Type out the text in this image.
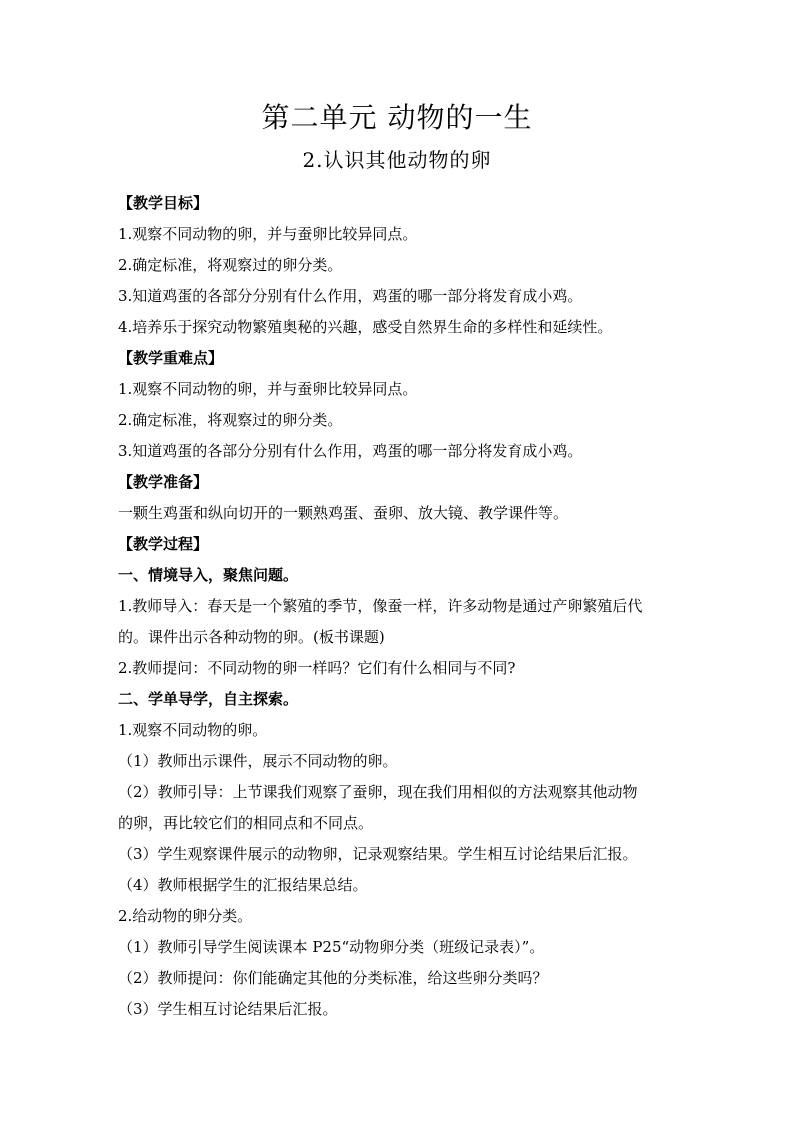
第二单元 动物的一生
2.认识其他动物的卵
【教学目标】
1.观察不同动物的卵，并与蚕卵比较异同点。
2.确定标准，将观察过的卵分类。
3.知道鸡蛋的各部分分别有什么作用，鸡蛋的哪一部分将发育成小鸡。
4.培养乐于探究动物繁殖奥秘的兴趣，感受自然界生命的多样性和延续性。
【教学重难点】
1.观察不同动物的卵，并与蚕卵比较异同点。
2.确定标准，将观察过的卵分类。
3.知道鸡蛋的各部分分别有什么作用，鸡蛋的哪一部分将发育成小鸡。
【教学准备】
一颗生鸡蛋和纵向切开的一颗熟鸡蛋、蚕卵、放大镜、教学课件等。
【教学过程】
一、情境导入，聚焦问题。
1.教师导入：春天是一个繁殖的季节，像蚕一样，许多动物是通过产卵繁殖后代
的。课件出示各种动物的卵。(板书课题)
2.教师提问：不同动物的卵一样吗？它们有什么相同与不同?
二、学单导学，自主探索。
1.观察不同动物的卵。
（1）教师出示课件，展示不同动物的卵。
（2）教师引导：上节课我们观察了蚕卵，现在我们用相似的方法观察其他动物
的卵，再比较它们的相同点和不同点。
（3）学生观察课件展示的动物卵，记录观察结果。学生相互讨论结果后汇报。
（4）教师根据学生的汇报结果总结。
2.给动物的卵分类。
（1）教师引导学生阅读课本 P25“动物卵分类（班级记录表）”。
（2）教师提问：你们能确定其他的分类标准，给这些卵分类吗？
（3）学生相互讨论结果后汇报。
